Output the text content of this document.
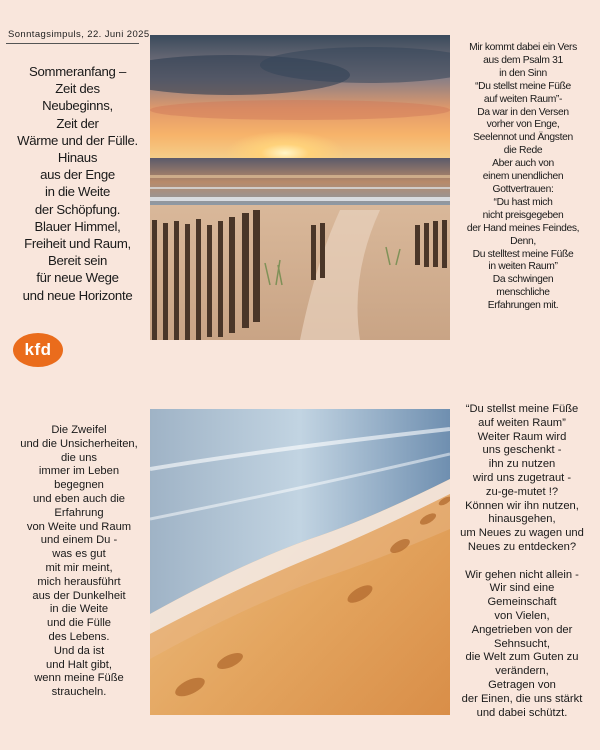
Sonntagsimpuls, 22. Juni 2025
Sommeranfang –
Zeit des
Neubeginns,
Zeit der
Wärme und der Fülle.
Hinaus
aus der Enge
in die Weite
der Schöpfung.
Blauer Himmel,
Freiheit und Raum,
Bereit sein
für neue Wege
und neue Horizonte
kfd
Mir kommt dabei ein Vers
aus dem Psalm 31
in den Sinn
“Du stellst meine Füße
auf weiten Raum”-
Da war in den Versen
vorher von Enge,
Seelennot und Ängsten
die Rede
Aber auch von
einem unendlichen
Gottvertrauen:
“Du hast mich
nicht preisgegeben
der Hand meines Feindes,
Denn,
Du stelltest meine Füße
in weiten Raum”
Da schwingen
menschliche
Erfahrungen mit.
Die Zweifel
und die Unsicherheiten,
die uns
immer im Leben
begegnen
und eben auch die
Erfahrung
von Weite und Raum
und einem Du -
was es gut
mit mir meint,
mich herausführt
aus der Dunkelheit
in die Weite
und die Fülle
des Lebens.
Und da ist
und Halt gibt,
wenn meine Füße
straucheln.
“Du stellst meine Füße
auf weiten Raum”
Weiter Raum wird
uns geschenkt -
ihn zu nutzen
wird uns zugetraut -
zu-ge-mutet !?
Können wir ihn nutzen,
hinausgehen,
um Neues zu wagen und
Neues zu entdecken?

Wir gehen nicht allein -
Wir sind eine
Gemeinschaft
von Vielen,
Angetrieben von der
Sehnsucht,
die Welt zum Guten zu
verändern,
Getragen von
der Einen, die uns stärkt
und dabei schützt.
